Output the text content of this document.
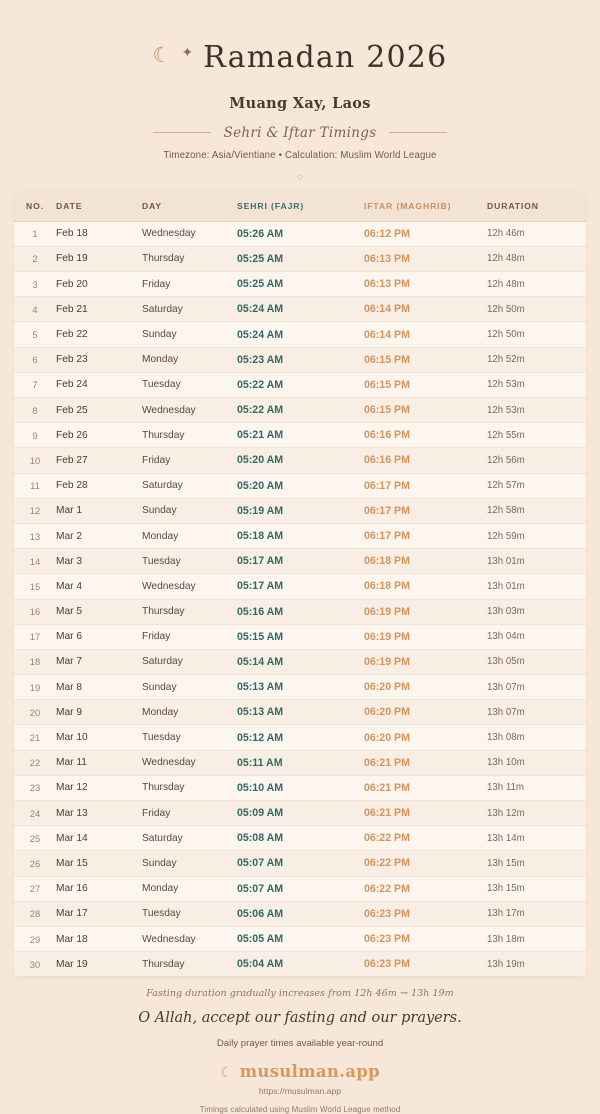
☾ ✦ Ramadan 2026
Muang Xay, Laos
Sehri & Iftar Timings
Timezone: Asia/Vientiane • Calculation: Muslim World League
◇
NO.	DATE	DAY	SEHRI (FAJR)	IFTAR (MAGHRIB)	DURATION
1	Feb 18	Wednesday	05:26 AM	06:12 PM	12h 46m
2	Feb 19	Thursday	05:25 AM	06:13 PM	12h 48m
3	Feb 20	Friday	05:25 AM	06:13 PM	12h 48m
4	Feb 21	Saturday	05:24 AM	06:14 PM	12h 50m
5	Feb 22	Sunday	05:24 AM	06:14 PM	12h 50m
6	Feb 23	Monday	05:23 AM	06:15 PM	12h 52m
7	Feb 24	Tuesday	05:22 AM	06:15 PM	12h 53m
8	Feb 25	Wednesday	05:22 AM	06:15 PM	12h 53m
9	Feb 26	Thursday	05:21 AM	06:16 PM	12h 55m
10	Feb 27	Friday	05:20 AM	06:16 PM	12h 56m
11	Feb 28	Saturday	05:20 AM	06:17 PM	12h 57m
12	Mar 1	Sunday	05:19 AM	06:17 PM	12h 58m
13	Mar 2	Monday	05:18 AM	06:17 PM	12h 59m
14	Mar 3	Tuesday	05:17 AM	06:18 PM	13h 01m
15	Mar 4	Wednesday	05:17 AM	06:18 PM	13h 01m
16	Mar 5	Thursday	05:16 AM	06:19 PM	13h 03m
17	Mar 6	Friday	05:15 AM	06:19 PM	13h 04m
18	Mar 7	Saturday	05:14 AM	06:19 PM	13h 05m
19	Mar 8	Sunday	05:13 AM	06:20 PM	13h 07m
20	Mar 9	Monday	05:13 AM	06:20 PM	13h 07m
21	Mar 10	Tuesday	05:12 AM	06:20 PM	13h 08m
22	Mar 11	Wednesday	05:11 AM	06:21 PM	13h 10m
23	Mar 12	Thursday	05:10 AM	06:21 PM	13h 11m
24	Mar 13	Friday	05:09 AM	06:21 PM	13h 12m
25	Mar 14	Saturday	05:08 AM	06:22 PM	13h 14m
26	Mar 15	Sunday	05:07 AM	06:22 PM	13h 15m
27	Mar 16	Monday	05:07 AM	06:22 PM	13h 15m
28	Mar 17	Tuesday	05:06 AM	06:23 PM	13h 17m
29	Mar 18	Wednesday	05:05 AM	06:23 PM	13h 18m
30	Mar 19	Thursday	05:04 AM	06:23 PM	13h 19m
Fasting duration gradually increases from 12h 46m → 13h 19m
O Allah, accept our fasting and our prayers.
Daily prayer times available year-round
☾ musulman.app
https://musulman.app
Timings calculated using Muslim World League method
